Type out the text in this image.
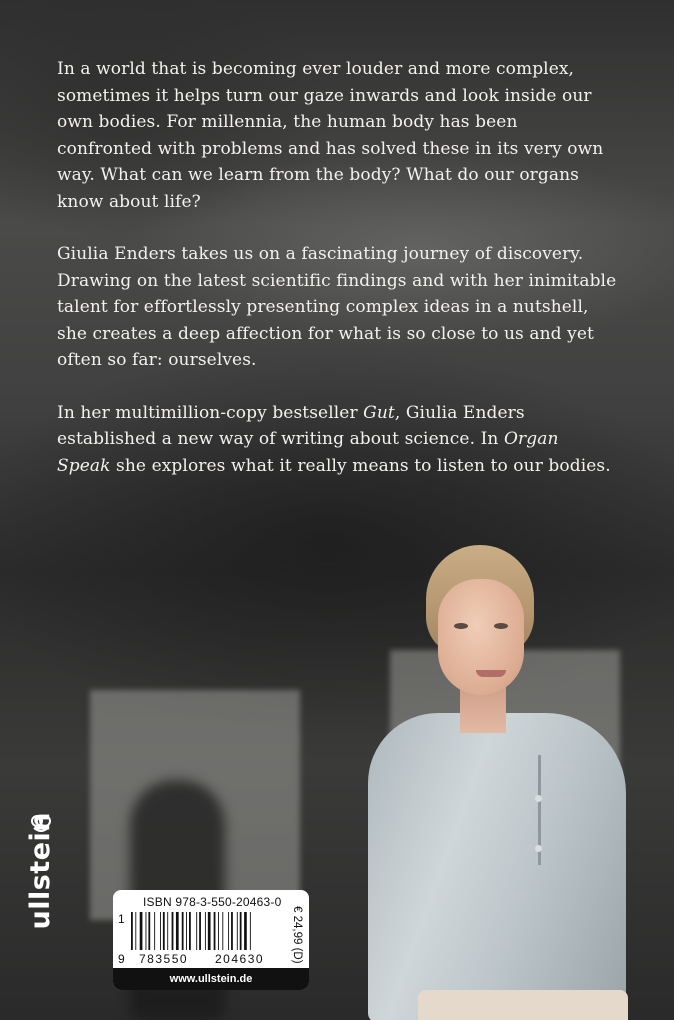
In a world that is becoming ever louder and more complex, sometimes it helps turn our gaze inwards and look inside our own bodies. For millennia, the human body has been confronted with problems and has solved these in its very own way. What can we learn from the body? What do our organs know about life?

Giulia Enders takes us on a fascinating journey of discovery. Drawing on the latest scientific findings and with her inimitable talent for effortlessly presenting complex ideas in a nutshell, she creates a deep affection for what is so close to us and yet often so far: ourselves.

In her multimillion-copy bestseller Gut, Giulia Enders established a new way of writing about science. In Organ Speak she explores what it really means to listen to our bodies.

ullstein	ISBN 978-3-550-20463-0
€ 24,99 (D)
1
9 783550 204630
www.ullstein.de
